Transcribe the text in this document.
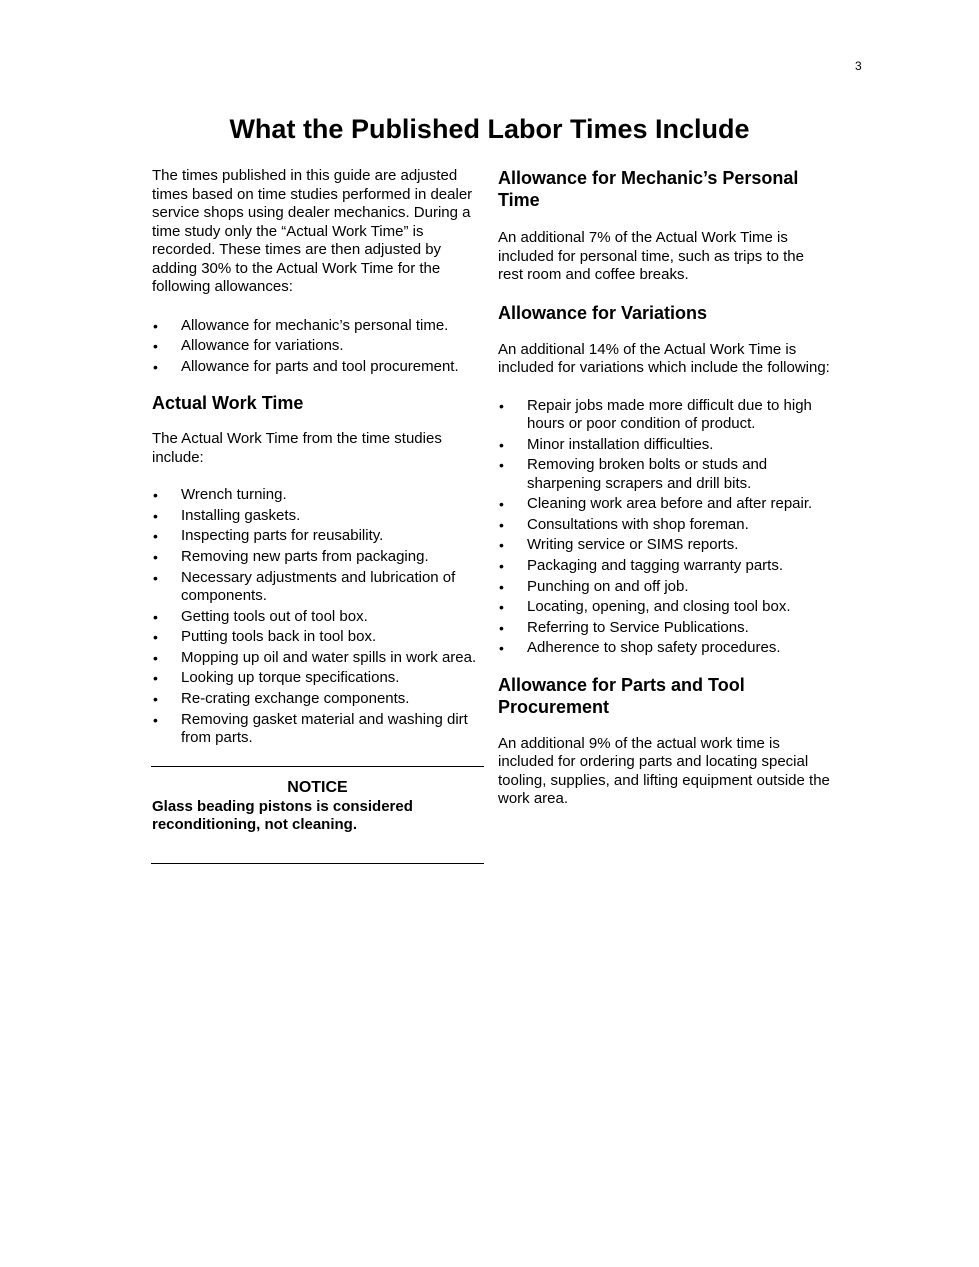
3
What the Published Labor Times Include

The times published in this guide are adjusted times based on time studies performed in dealer service shops using dealer mechanics. During a time study only the “Actual Work Time” is recorded. These times are then adjusted by adding 30% to the Actual Work Time for the following allowances:

• Allowance for mechanic’s personal time.
• Allowance for variations.
• Allowance for parts and tool procurement.
Actual Work Time

The Actual Work Time from the time studies include:

• Wrench turning.
• Installing gaskets.
• Inspecting parts for reusability.
• Removing new parts from packaging.
• Necessary adjustments and lubrication of components.
• Getting tools out of tool box.
• Putting tools back in tool box.
• Mopping up oil and water spills in work area.
• Looking up torque specifications.
• Re-crating exchange components.
• Removing gasket material and washing dirt from parts.
NOTICE
Glass beading pistons is considered reconditioning, not cleaning.
Allowance for Mechanic’s Personal Time

An additional 7% of the Actual Work Time is included for personal time, such as trips to the rest room and coffee breaks.

Allowance for Variations

An additional 14% of the Actual Work Time is included for variations which include the following:

• Repair jobs made more difficult due to high hours or poor condition of product.
• Minor installation difficulties.
• Removing broken bolts or studs and sharpening scrapers and drill bits.
• Cleaning work area before and after repair.
• Consultations with shop foreman.
• Writing service or SIMS reports.
• Packaging and tagging warranty parts.
• Punching on and off job.
• Locating, opening, and closing tool box.
• Referring to Service Publications.
• Adherence to shop safety procedures.
Allowance for Parts and Tool Procurement

An additional 9% of the actual work time is included for ordering parts and locating special tooling, supplies, and lifting equipment outside the work area.
